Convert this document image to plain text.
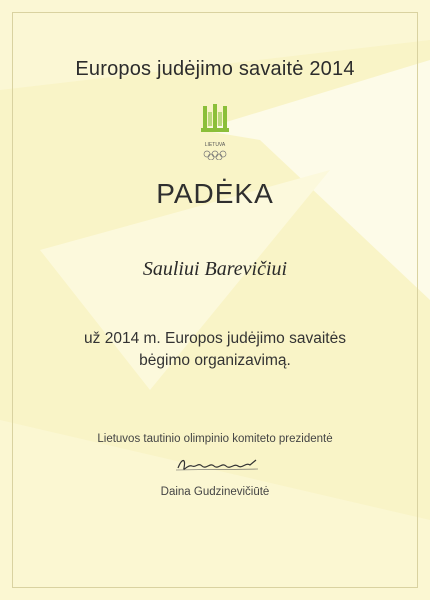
Europos judėjimo savaitė 2014
LIETUVA
PADĖKA
Sauliui Barevičiui
už 2014 m. Europos judėjimo savaitės
bėgimo organizavimą.
Lietuvos tautinio olimpinio komiteto prezidentė
Daina Gudzinevičiūtė
